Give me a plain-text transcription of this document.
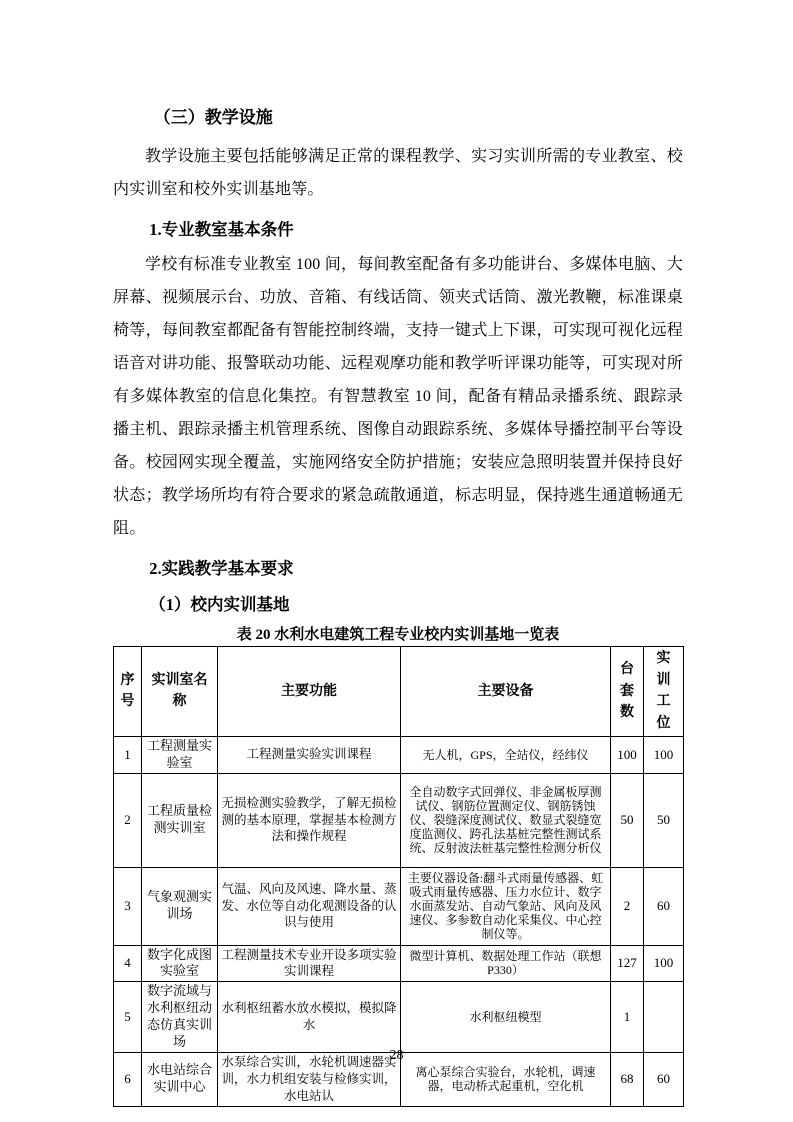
（三）教学设施

教学设施主要包括能够满足正常的课程教学、实习实训所需的专业教室、校内实训室和校外实训基地等。

1.专业教室基本条件

学校有标准专业教室 100 间，每间教室配备有多功能讲台、多媒体电脑、大屏幕、视频展示台、功放、音箱、有线话筒、领夹式话筒、激光教鞭，标准课桌椅等，每间教室都配备有智能控制终端，支持一键式上下课，可实现可视化远程语音对讲功能、报警联动功能、远程观摩功能和教学听评课功能等，可实现对所有多媒体教室的信息化集控。有智慧教室 10 间，配备有精品录播系统、跟踪录播主机、跟踪录播主机管理系统、图像自动跟踪系统、多媒体导播控制平台等设备。校园网实现全覆盖，实施网络安全防护措施；安装应急照明装置并保持良好状态；教学场所均有符合要求的紧急疏散通道，标志明显，保持逃生通道畅通无阻。

2.实践教学基本要求
（1）校内实训基地
表 20 水利水电建筑工程专业校内实训基地一览表
序号	实训室名称	主要功能	主要设备	台套数	实训工位
1	工程测量实验室	工程测量实验实训课程	无人机，GPS，全站仪，经纬仪	100	100
2	工程质量检测实训室	无损检测实验教学，了解无损检测的基本原理，掌握基本检测方法和操作规程	全自动数字式回弹仪、非金属板厚测试仪、钢筋位置测定仪、钢筋锈蚀仪、裂缝深度测试仪、数显式裂缝宽度监测仪、跨孔法基桩完整性测试系统、反射波法桩基完整性检测分析仪	50	50
3	气象观测实训场	气温、风向及风速、降水量、蒸发、水位等自动化观测设备的认识与使用	主要仪器设备:翻斗式雨量传感器、虹吸式雨量传感器、压力水位计、数字水面蒸发站、自动气象站、风向及风速仪、多参数自动化采集仪、中心控制仪等。	2	60
4	数字化成图实验室	工程测量技术专业开设多项实验实训课程	微型计算机、数据处理工作站（联想 P330）	127	100
5	数字流域与水利枢纽动态仿真实训场	水利枢纽蓄水放水模拟，模拟降水	水利枢纽模型	1	
6	水电站综合实训中心	水泵综合实训，水轮机调速器实训，水力机组安装与检修实训，水电站认	离心泵综合实验台，水轮机，调速器，电动桥式起重机，空化机	68	60
28
